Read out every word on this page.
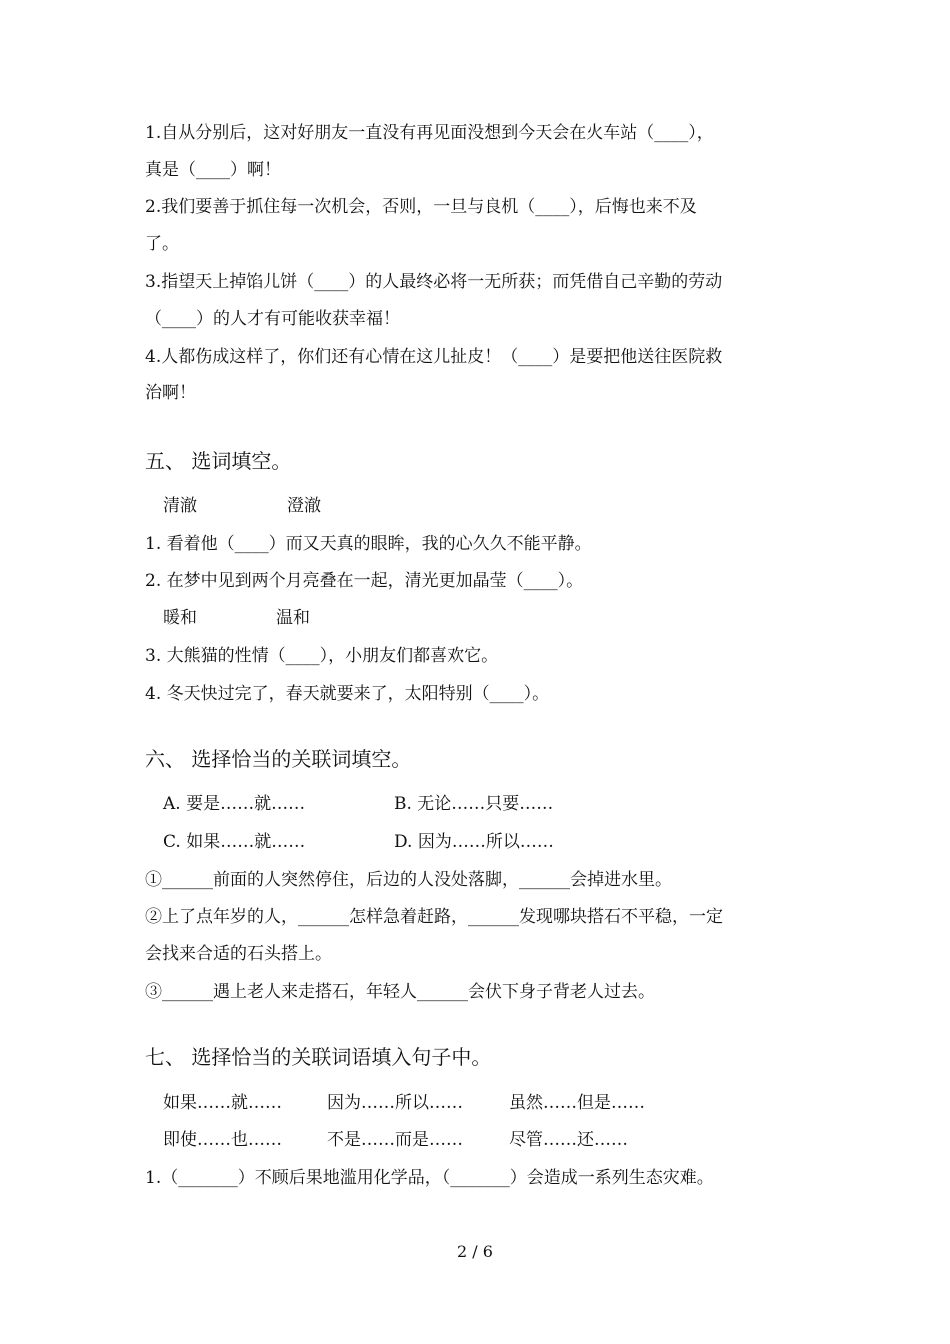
1.自从分别后，这对好朋友一直没有再见面没想到今天会在火车站（____），
真是（____）啊！
2.我们要善于抓住每一次机会，否则，一旦与良机（____），后悔也来不及
了。
3.指望天上掉馅儿饼（____）的人最终必将一无所获；而凭借自己辛勤的劳动
（____）的人才有可能收获幸福！
4.人都伤成这样了，你们还有心情在这儿扯皮！（____）是要把他送往医院救
治啊！
五、 选词填空。
清澈	澄澈
1. 看着他（____）而又天真的眼眸，我的心久久不能平静。
2. 在梦中见到两个月亮叠在一起，清光更加晶莹（____）。
暖和	温和
3. 大熊猫的性情（____），小朋友们都喜欢它。
4. 冬天快过完了，春天就要来了，太阳特别（____）。
六、 选择恰当的关联词填空。
A. 要是……就……	B. 无论……只要……
C. 如果……就……	D. 因为……所以……
①______前面的人突然停住，后边的人没处落脚，______会掉进水里。
②上了点年岁的人，______怎样急着赶路，______发现哪块搭石不平稳，一定
会找来合适的石头搭上。
③______遇上老人来走搭石，年轻人______会伏下身子背老人过去。
七、 选择恰当的关联词语填入句子中。
如果……就……	因为……所以……	虽然……但是……
即使……也……	不是……而是……	尽管……还……
1.（_______）不顾后果地滥用化学品，（_______）会造成一系列生态灾难。
2 / 6
